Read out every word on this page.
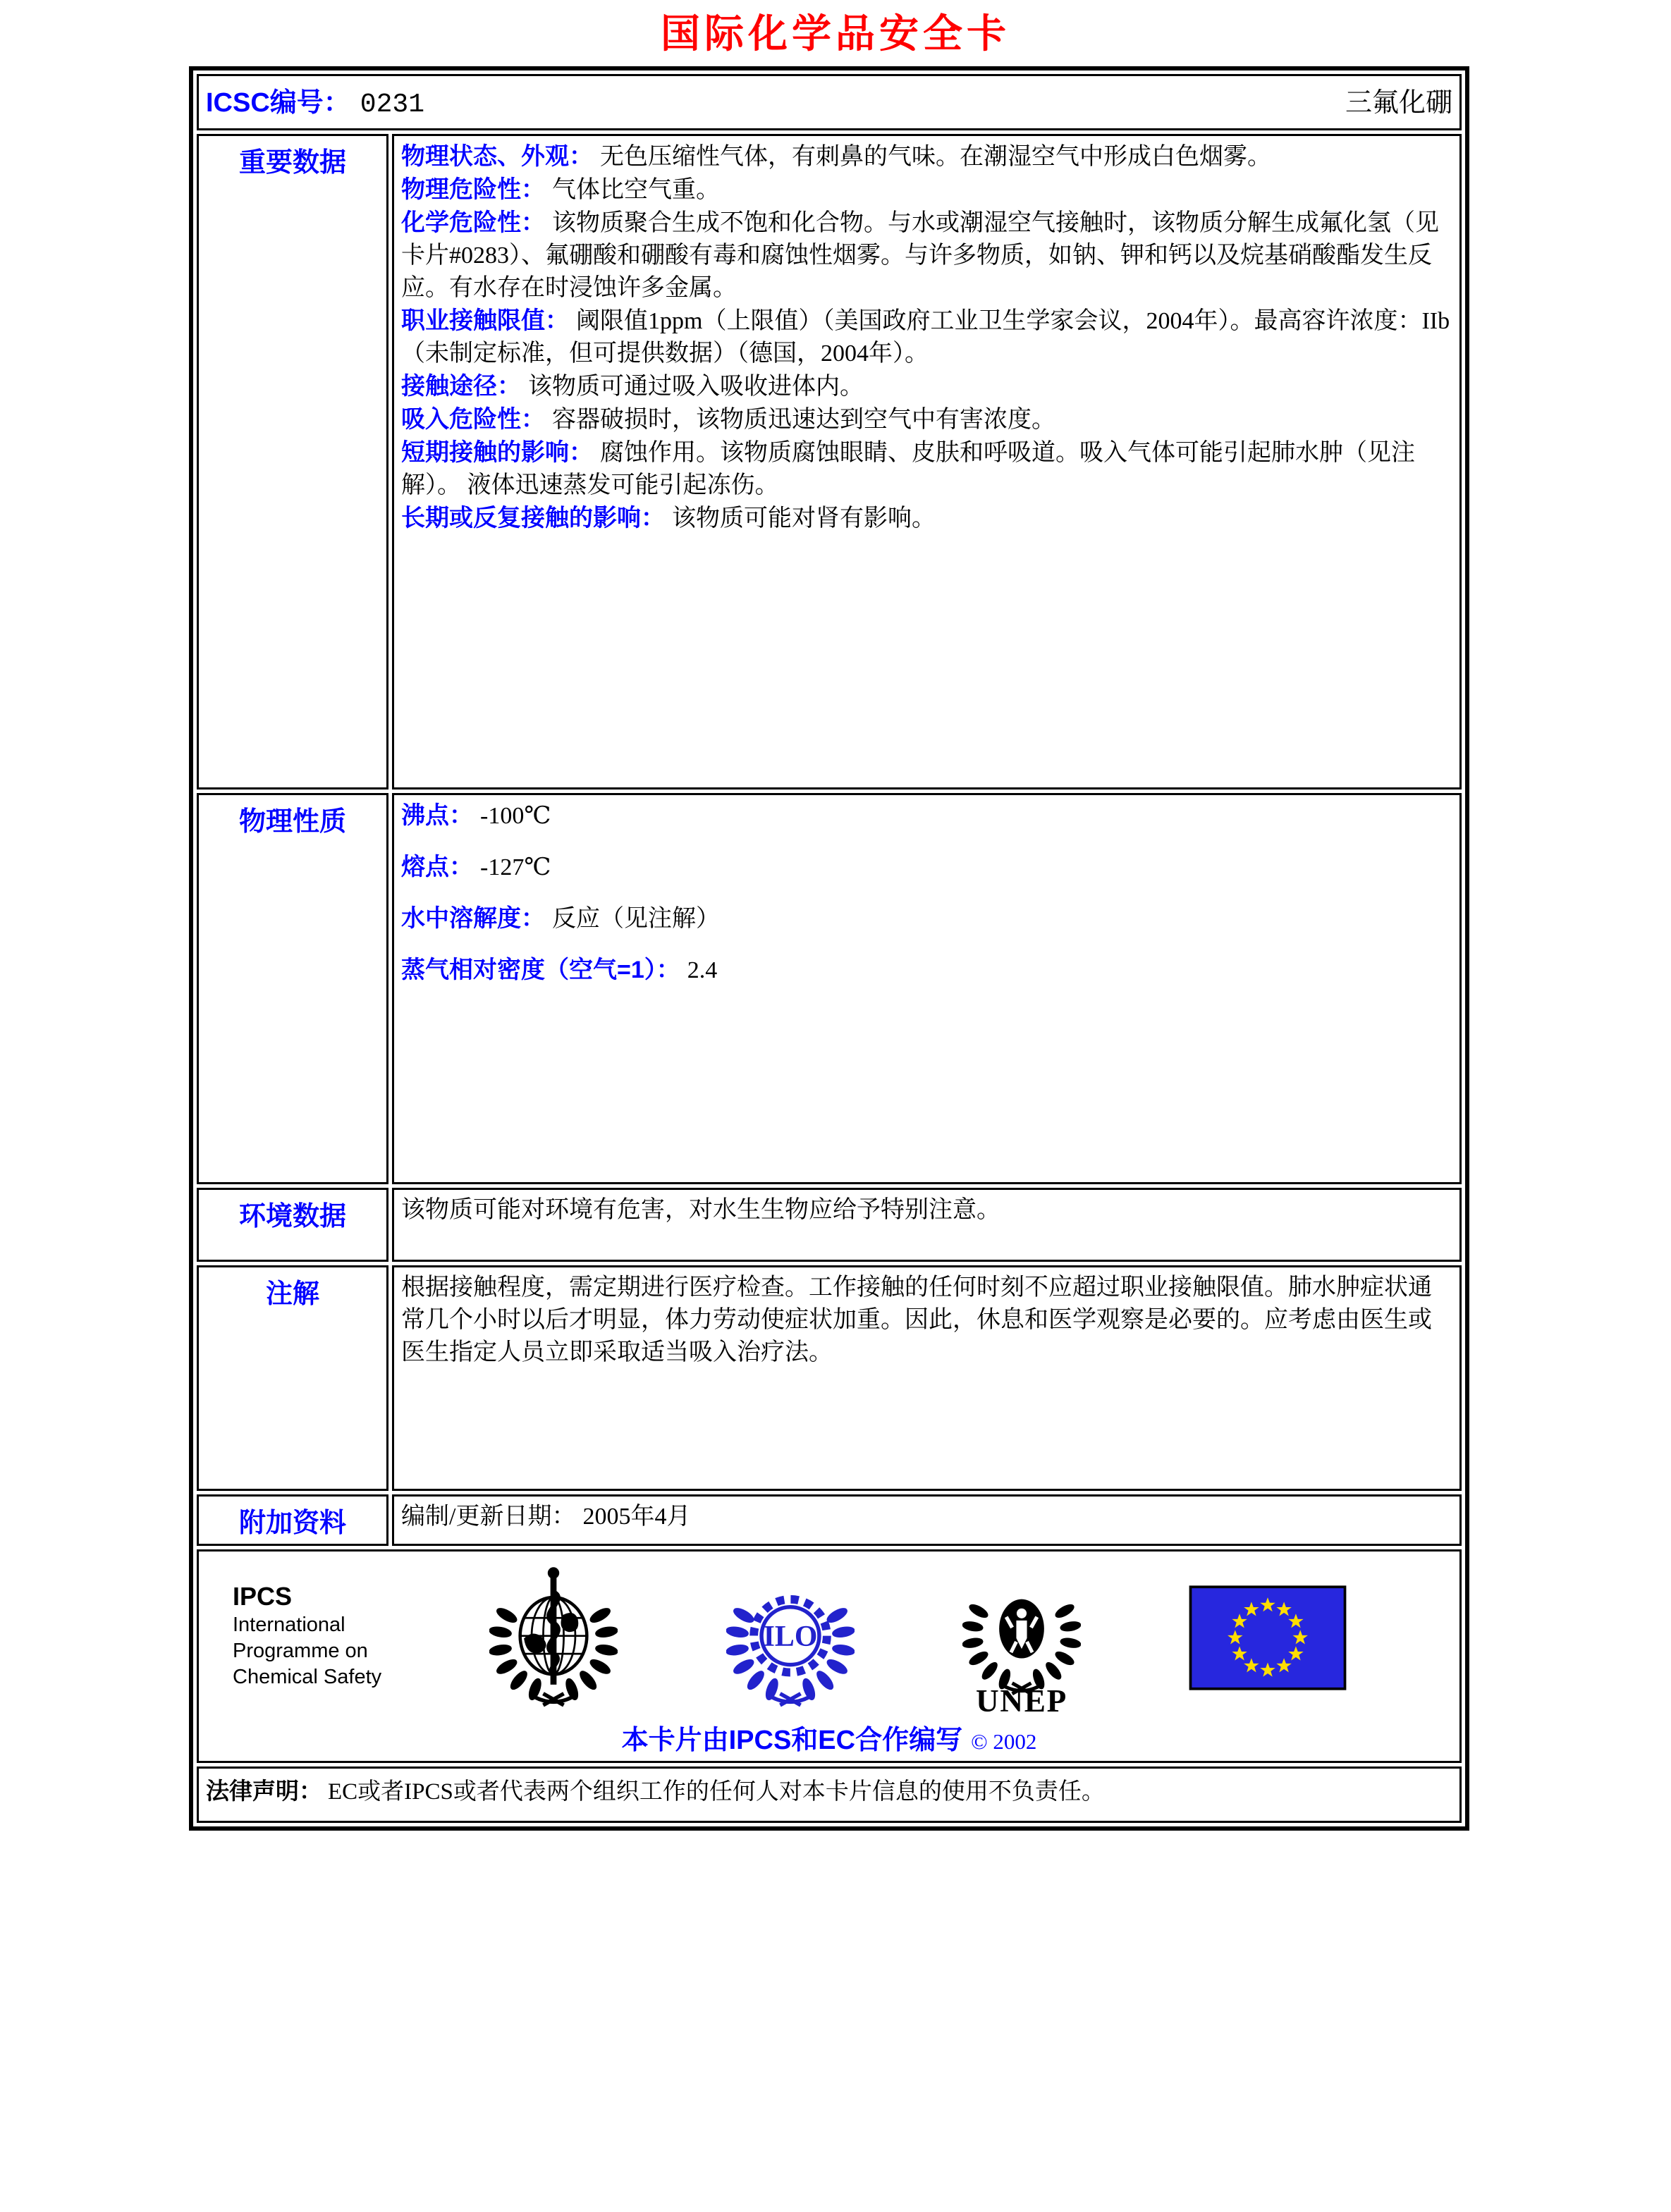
国际化学品安全卡
ICSC编号： 0231 三氟化硼	

重要数据	物理状态、外观： 无色压缩性气体，有刺鼻的气味。在潮湿空气中形成白色烟雾。
物理危险性： 气体比空气重。
化学危险性： 该物质聚合生成不饱和化合物。与水或潮湿空气接触时，该物质分解生成氟化氢（见卡片#0283）、氟硼酸和硼酸有毒和腐蚀性烟雾。与许多物质，如钠、钾和钙以及烷基硝酸酯发生反应。有水存在时浸蚀许多金属。
职业接触限值： 阈限值1ppm（上限值）（美国政府工业卫生学家会议，2004年）。最高容许浓度：IIb（未制定标准，但可提供数据）（德国，2004年）。
接触途径： 该物质可通过吸入吸收进体内。
吸入危险性： 容器破损时，该物质迅速达到空气中有害浓度。
短期接触的影响： 腐蚀作用。该物质腐蚀眼睛、皮肤和呼吸道。吸入气体可能引起肺水肿（见注解）。 液体迅速蒸发可能引起冻伤。
长期或反复接触的影响： 该物质可能对肾有影响。

物理性质	沸点： -100℃
熔点： -127℃
水中溶解度： 反应（见注解）
蒸气相对密度（空气=1）： 2.4

环境数据	该物质可能对环境有危害，对水生生物应给予特别注意。
注解	根据接触程度，需定期进行医疗检查。工作接触的任何时刻不应超过职业接触限值。肺水肿症状通常几个小时以后才明显，体力劳动使症状加重。因此，休息和医学观察是必要的。应考虑由医生或医生指定人员立即采取适当吸入治疗法。
附加资料	编制/更新日期： 2005年4月

IPCS
International
Programme on
Chemical Safety
ILO
UNEP
本卡片由IPCS和EC合作编写 © 2002

法律声明： EC或者IPCS或者代表两个组织工作的任何人对本卡片信息的使用不负责任。	
